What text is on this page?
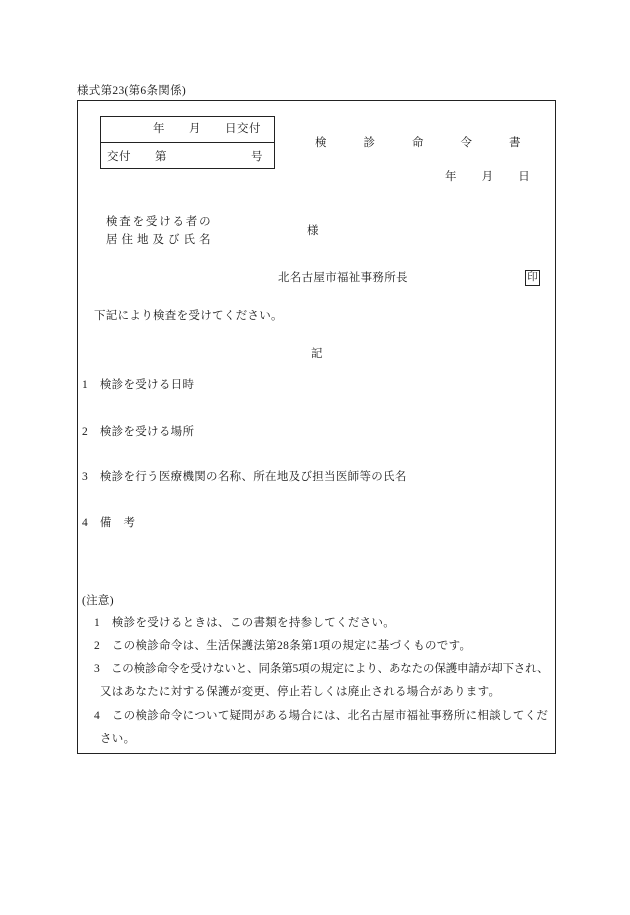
様式第23(第6条関係)
年　　月　　日交付
交付　　第　　　　　　　号
検診命令書
年　　月　　日
検査を受ける者の
居住地及び氏名
様
北名古屋市福祉事務所長	印
下記により検査を受けてください。
記
1　検診を受ける日時
2　検診を受ける場所
3　検診を行う医療機関の名称、所在地及び担当医師等の氏名
4　備　考
(注意)
1　検診を受けるときは、この書類を持参してください。
2　この検診命令は、生活保護法第28条第1項の規定に基づくものです。
3　この検診命令を受けないと、同条第5項の規定により、あなたの保護申請が却下され、
又はあなたに対する保護が変更、停止若しくは廃止される場合があります。
4　この検診命令について疑問がある場合には、北名古屋市福祉事務所に相談してくだ
さい。
